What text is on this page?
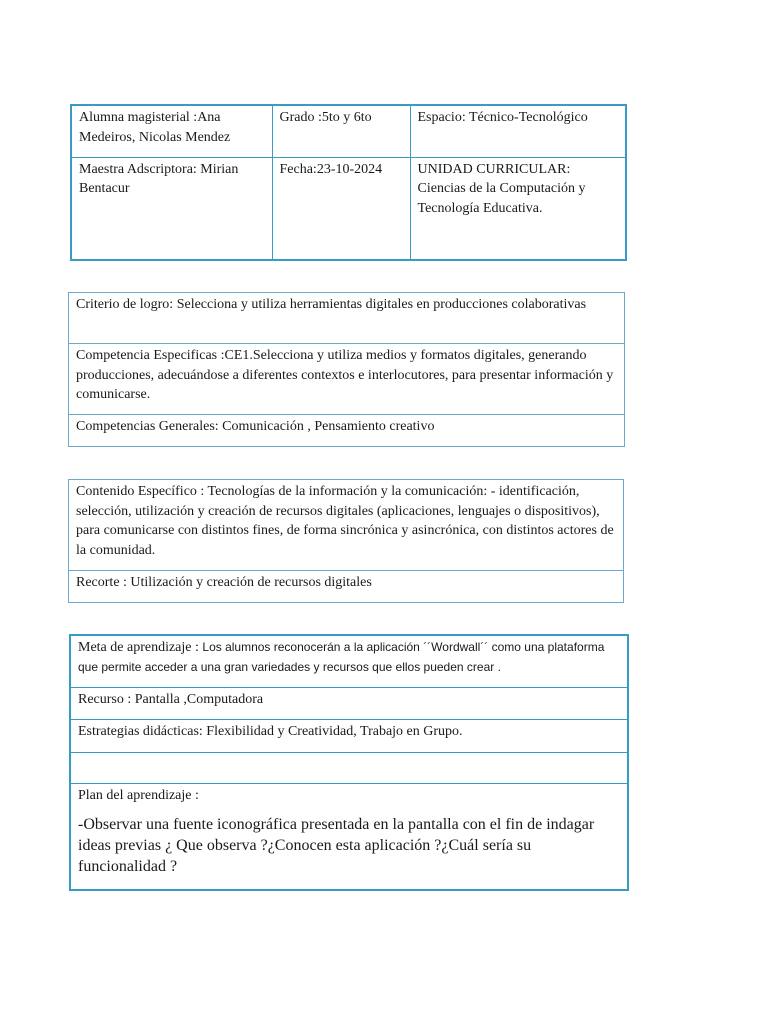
Alumna magisterial :Ana Medeiros, Nicolas Mendez	Grado :5to y 6to	Espacio: Técnico-Tecnológico
Maestra Adscriptora: Mirian Bentacur	Fecha:23-10-2024	UNIDAD CURRICULAR: Ciencias de la Computación y Tecnología Educativa.
Criterio de logro: Selecciona y utiliza herramientas digitales en producciones colaborativas
Competencia Especificas :CE1.Selecciona y utiliza medios y formatos digitales, generando producciones, adecuándose a diferentes contextos e interlocutores, para presentar información y comunicarse.
Competencias Generales: Comunicación , Pensamiento creativo
Contenido Específico : Tecnologías de la información y la comunicación: - identificación, selección, utilización y creación de recursos digitales (aplicaciones, lenguajes o dispositivos), para comunicarse con distintos fines, de forma sincrónica y asincrónica, con distintos actores de la comunidad.
Recorte : Utilización y creación de recursos digitales
Meta de aprendizaje : Los alumnos reconocerán a la aplicación ´´Wordwall´´ como una plataforma que permite acceder a una gran variedades y recursos que ellos pueden crear .
Recurso : Pantalla ,Computadora
Estrategias didácticas: Flexibilidad y Creatividad, Trabajo en Grupo.

Plan del aprendizaje :
-Observar una fuente iconográfica presentada en la pantalla con el fin de indagar ideas previas ¿ Que observa ?¿Conocen esta aplicación ?¿Cuál sería su funcionalidad ?
